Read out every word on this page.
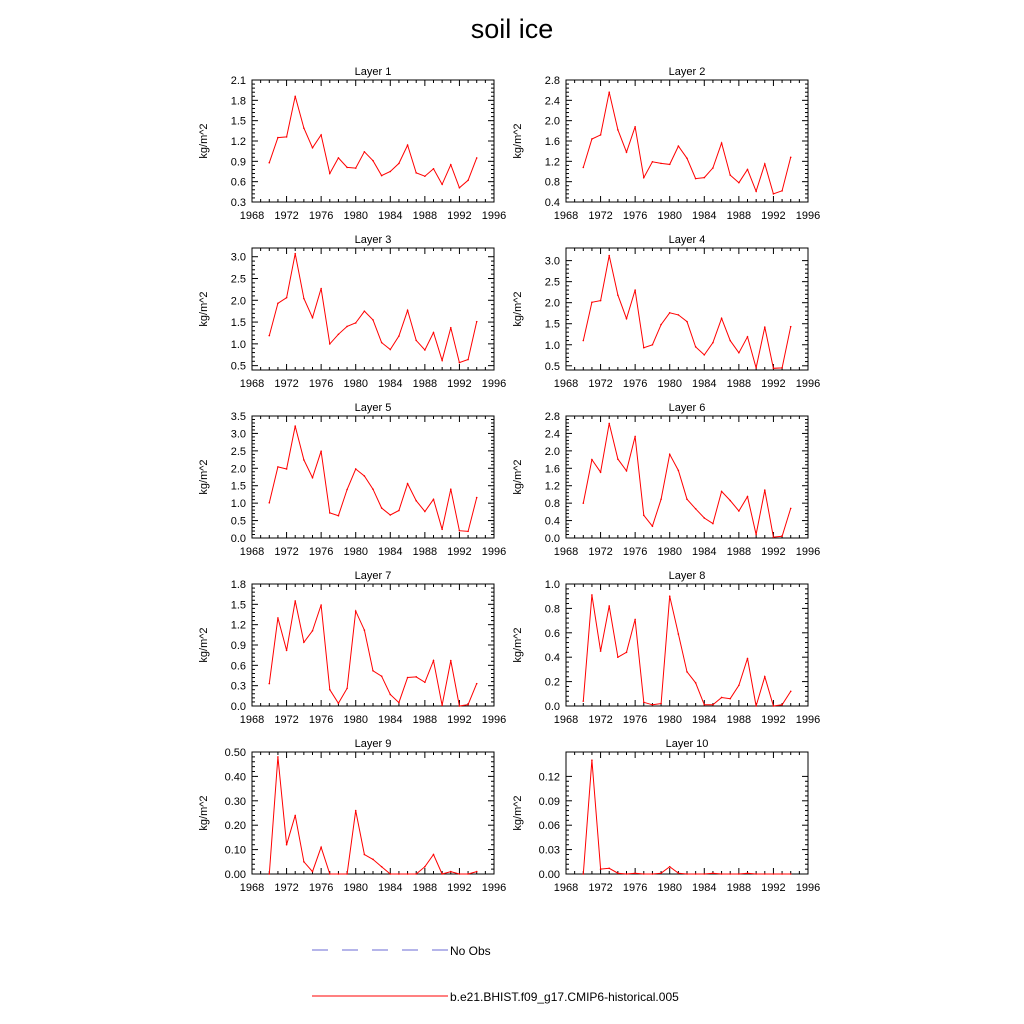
soil ice
Layer 1
1968 1972 1976 1980 1984 1988 1992 1996
0.3
0.6
0.9
1.2
1.5
1.8
2.1
kg/m^2
Layer 2
1968 1972 1976 1980 1984 1988 1992 1996
0.4
0.8
1.2
1.6
2.0
2.4
2.8
kg/m^2
Layer 3
1968 1972 1976 1980 1984 1988 1992 1996
0.5
1.0
1.5
2.0
2.5
3.0
kg/m^2
Layer 4
1968 1972 1976 1980 1984 1988 1992 1996
0.5
1.0
1.5
2.0
2.5
3.0
kg/m^2
Layer 5
1968 1972 1976 1980 1984 1988 1992 1996
0.0
0.5
1.0
1.5
2.0
2.5
3.0
3.5
kg/m^2
Layer 6
1968 1972 1976 1980 1984 1988 1992 1996
0.0
0.4
0.8
1.2
1.6
2.0
2.4
2.8
kg/m^2
Layer 7
1968 1972 1976 1980 1984 1988 1992 1996
0.0
0.3
0.6
0.9
1.2
1.5
1.8
kg/m^2
Layer 8
1968 1972 1976 1980 1984 1988 1992 1996
0.0
0.2
0.4
0.6
0.8
1.0
kg/m^2
Layer 9
1968 1972 1976 1980 1984 1988 1992 1996
0.00
0.10
0.20
0.30
0.40
0.50
kg/m^2
Layer 10
1968 1972 1976 1980 1984 1988 1992 1996
0.00
0.03
0.06
0.09
0.12
kg/m^2
No Obs
b.e21.BHIST.f09_g17.CMIP6-historical.005
